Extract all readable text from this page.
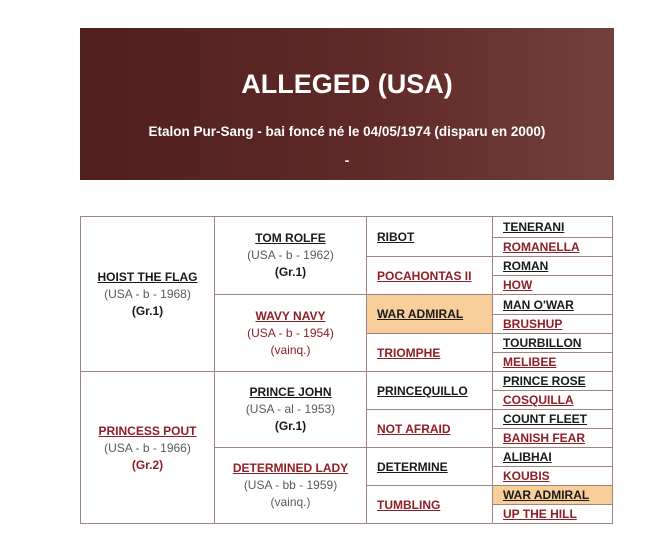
ALLEGED (USA)
Etalon Pur-Sang - bai foncé né le 04/05/1974 (disparu en 2000)
-
Famille maternelle 2-s
HOIST THE FLAG
(USA - b - 1968)
(Gr.1)
PRINCESS POUT
(USA - b - 1966)
(Gr.2)
TOM ROLFE
(USA - b - 1962)
(Gr.1)
WAVY NAVY
(USA - b - 1954)
(vainq.)
PRINCE JOHN
(USA - al - 1953)
(Gr.1)
DETERMINED LADY
(USA - bb - 1959)
(vainq.)
RIBOT
POCAHONTAS II
WAR ADMIRAL
TRIOMPHE
PRINCEQUILLO
NOT AFRAID
DETERMINE
TUMBLING
TENERANI
ROMANELLA
ROMAN
HOW
MAN O'WAR
BRUSHUP
TOURBILLON
MELIBEE
PRINCE ROSE
COSQUILLA
COUNT FLEET
BANISH FEAR
ALIBHAI
KOUBIS
WAR ADMIRAL
UP THE HILL
